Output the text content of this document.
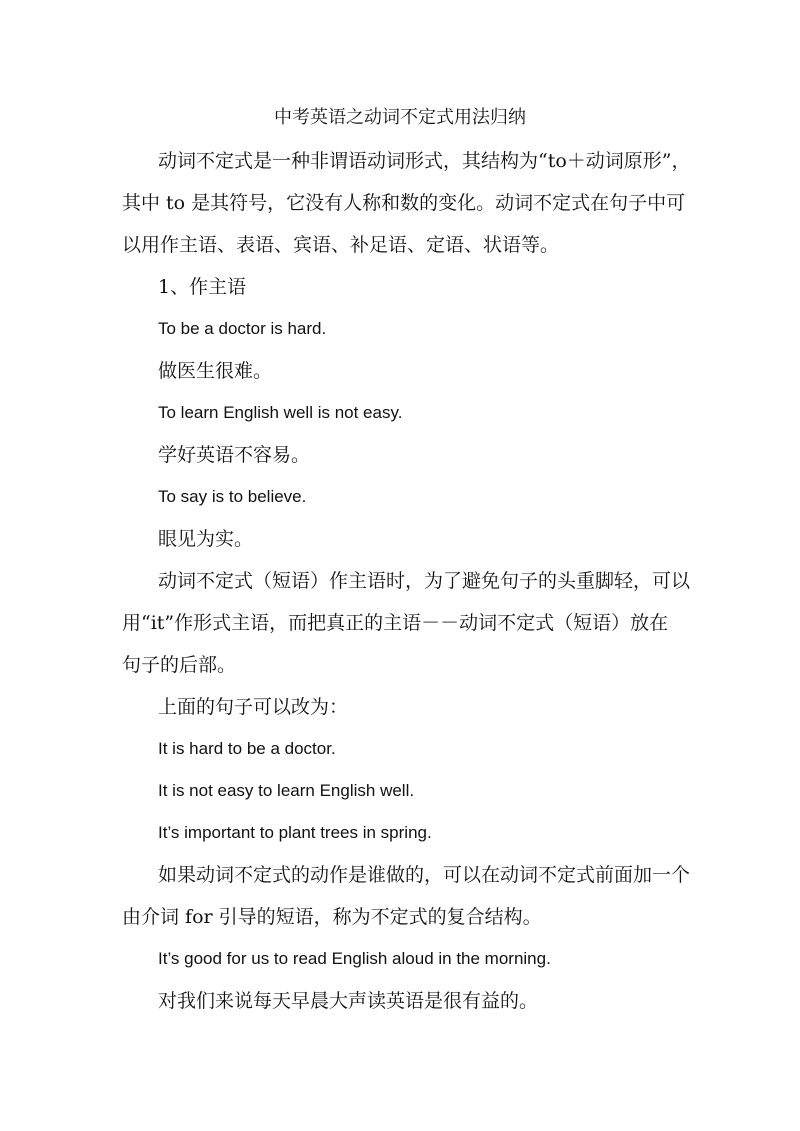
中考英语之动词不定式用法归纳

动词不定式是一种非谓语动词形式，其结构为“to＋动词原形”，

其中 to 是其符号，它没有人称和数的变化。动词不定式在句子中可

以用作主语、表语、宾语、补足语、定语、状语等。

1、作主语

To be a doctor is hard.

做医生很难。

To learn English well is not easy.

学好英语不容易。

To say is to believe.

眼见为实。

动词不定式（短语）作主语时，为了避免句子的头重脚轻，可以

用“it”作形式主语，而把真正的主语－－动词不定式（短语）放在

句子的后部。

上面的句子可以改为：

It is hard to be a doctor.

It is not easy to learn English well.

It’s important to plant trees in spring.

如果动词不定式的动作是谁做的，可以在动词不定式前面加一个

由介词 for 引导的短语，称为不定式的复合结构。

It’s good for us to read English aloud in the morning.

对我们来说每天早晨大声读英语是很有益的。
